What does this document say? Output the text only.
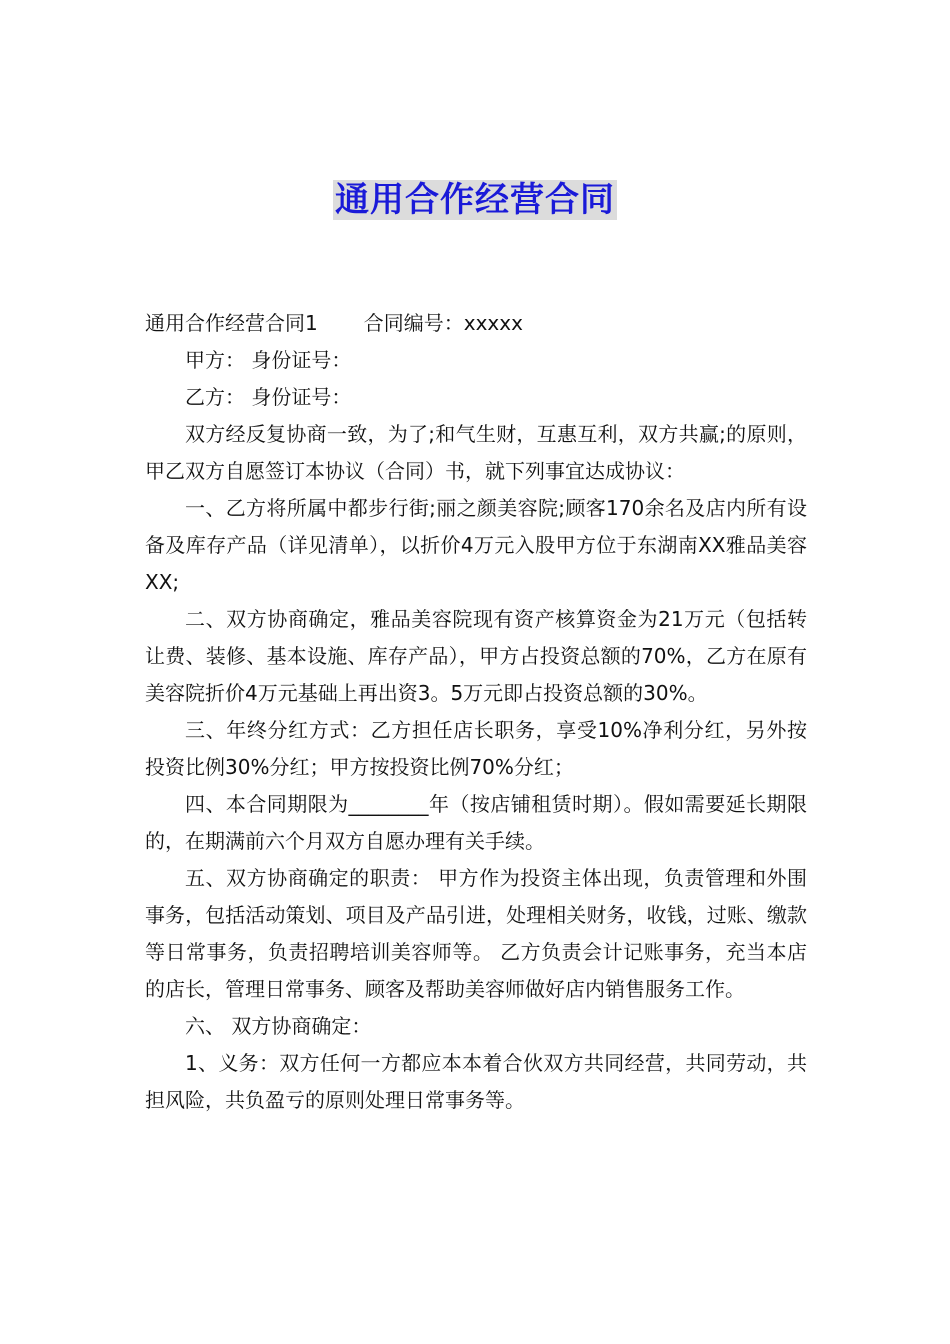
通用合作经营合同

通用合作经营合同1 合同编号：xxxxx

甲方： 身份证号：

乙方： 身份证号：

双方经反复协商一致，为了;和气生财，互惠互利，双方共赢;的原则，甲乙双方自愿签订本协议（合同）书，就下列事宜达成协议：

一、乙方将所属中都步行街;丽之颜美容院;顾客170余名及店内所有设备及库存产品（详见清单），以折价4万元入股甲方位于东湖南XX雅品美容XX;

二、双方协商确定，雅品美容院现有资产核算资金为21万元（包括转让费、装修、基本设施、库存产品），甲方占投资总额的70%，乙方在原有美容院折价4万元基础上再出资3。5万元即占投资总额的30%。

三、年终分红方式：乙方担任店长职务，享受10%净利分红，另外按投资比例30%分红；甲方按投资比例70%分红；

四、本合同期限为________年（按店铺租赁时期）。假如需要延长期限的，在期满前六个月双方自愿办理有关手续。

五、双方协商确定的职责： 甲方作为投资主体出现，负责管理和外围事务，包括活动策划、项目及产品引进，处理相关财务，收钱，过账、缴款等日常事务，负责招聘培训美容师等。 乙方负责会计记账事务，充当本店的店长，管理日常事务、顾客及帮助美容师做好店内销售服务工作。

六、 双方协商确定：

1、义务：双方任何一方都应本本着合伙双方共同经营，共同劳动，共担风险，共负盈亏的原则处理日常事务等。
